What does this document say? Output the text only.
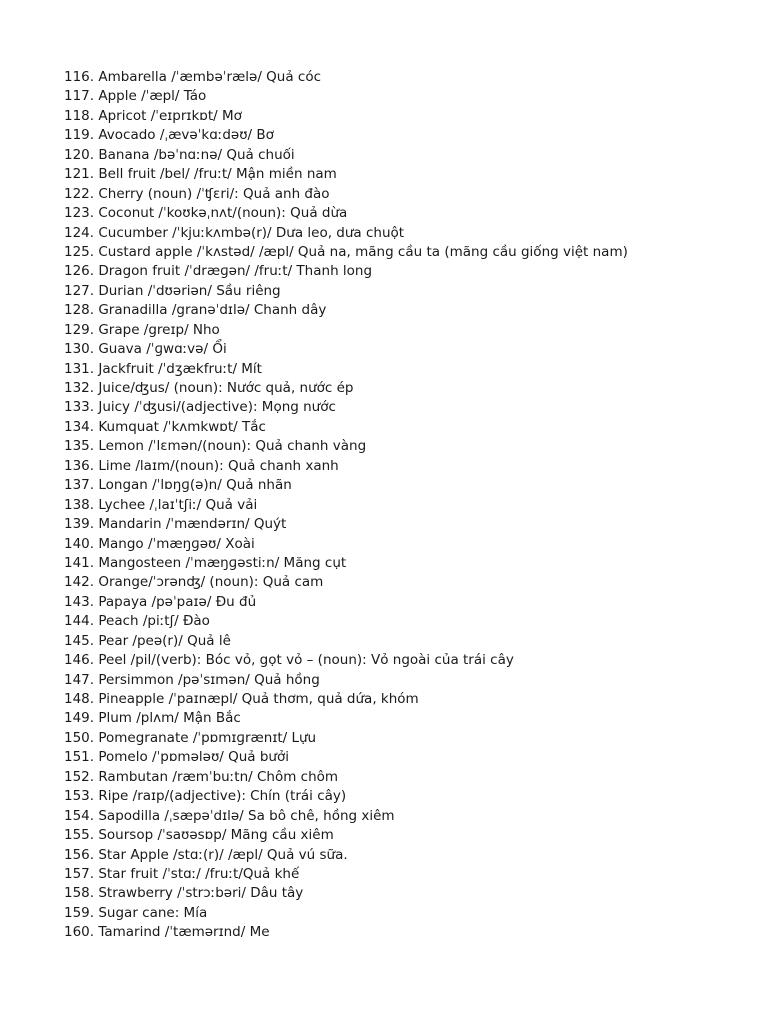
116. Ambarella /ˈæmbəˈrælə/ Quả cóc
117. Apple /ˈæpl/ Táo
118. Apricot /ˈeɪprɪkɒt/ Mơ
119. Avocado /ˌævəˈkɑːdəʊ/ Bơ
120. Banana /bəˈnɑːnə/ Quả chuối
121. Bell fruit /bel/ /fruːt/ Mận miền nam
122. Cherry (noun) /ˈʧɛri/: Quả anh đào
123. Coconut /ˈkoʊkəˌnʌt/(noun): Quả dừa
124. Cucumber /ˈkjuːkʌmbə(r)/ Dưa leo, dưa chuột
125. Custard apple /ˈkʌstəd/ /æpl/ Quả na, mãng cầu ta (mãng cầu giống việt nam)
126. Dragon fruit /ˈdræɡən/ /fruːt/ Thanh long
127. Durian /ˈdʊəriən/ Sầu riêng
128. Granadilla /granəˈdɪlə/ Chanh dây
129. Grape /greɪp/ Nho
130. Guava /ˈɡwɑːvə/ Ổi
131. Jackfruit /ˈdʒækfruːt/ Mít
132. Juice/ʤus/ (noun): Nước quả, nước ép
133. Juicy /ˈʤusi/(adjective): Mọng nước
134. Kumquat /ˈkʌmkwɒt/ Tắc
135. Lemon /ˈlɛmən/(noun): Quả chanh vàng
136. Lime /laɪm/(noun): Quả chanh xanh
137. Longan /ˈlɒŋɡ(ə)n/ Quả nhãn
138. Lychee /ˌlaɪˈtʃiː/ Quả vải
139. Mandarin /ˈmændərɪn/ Quýt
140. Mango /ˈmæŋɡəʊ/ Xoài
141. Mangosteen /ˈmæŋɡəstiːn/ Măng cụt
142. Orange/ˈɔrənʤ/ (noun): Quả cam
143. Papaya /pəˈpaɪə/ Đu đủ
144. Peach /piːtʃ/ Đào
145. Pear /peə(r)/ Quả lê
146. Peel /pil/(verb): Bóc vỏ, gọt vỏ – (noun): Vỏ ngoài của trái cây
147. Persimmon /pəˈsɪmən/ Quả hồng
148. Pineapple /ˈpaɪnæpl/ Quả thơm, quả dứa, khóm
149. Plum /plʌm/ Mận Bắc
150. Pomegranate /ˈpɒmɪɡrænɪt/ Lựu
151. Pomelo /ˈpɒmələʊ/ Quả bưởi
152. Rambutan /ræmˈbuːtn/ Chôm chôm
153. Ripe /raɪp/(adjective): Chín (trái cây)
154. Sapodilla /ˌsæpəˈdɪlə/ Sa bô chê, hồng xiêm
155. Soursop /ˈsaʊəsɒp/ Mãng cầu xiêm
156. Star Apple /stɑː(r)/ /æpl/ Quả vú sữa.
157. Star fruit /ˈstɑː/ /fruːt/Quả khế
158. Strawberry /ˈstrɔːbəri/ Dâu tây
159. Sugar cane: Mía
160. Tamarind /ˈtæmərɪnd/ Me
